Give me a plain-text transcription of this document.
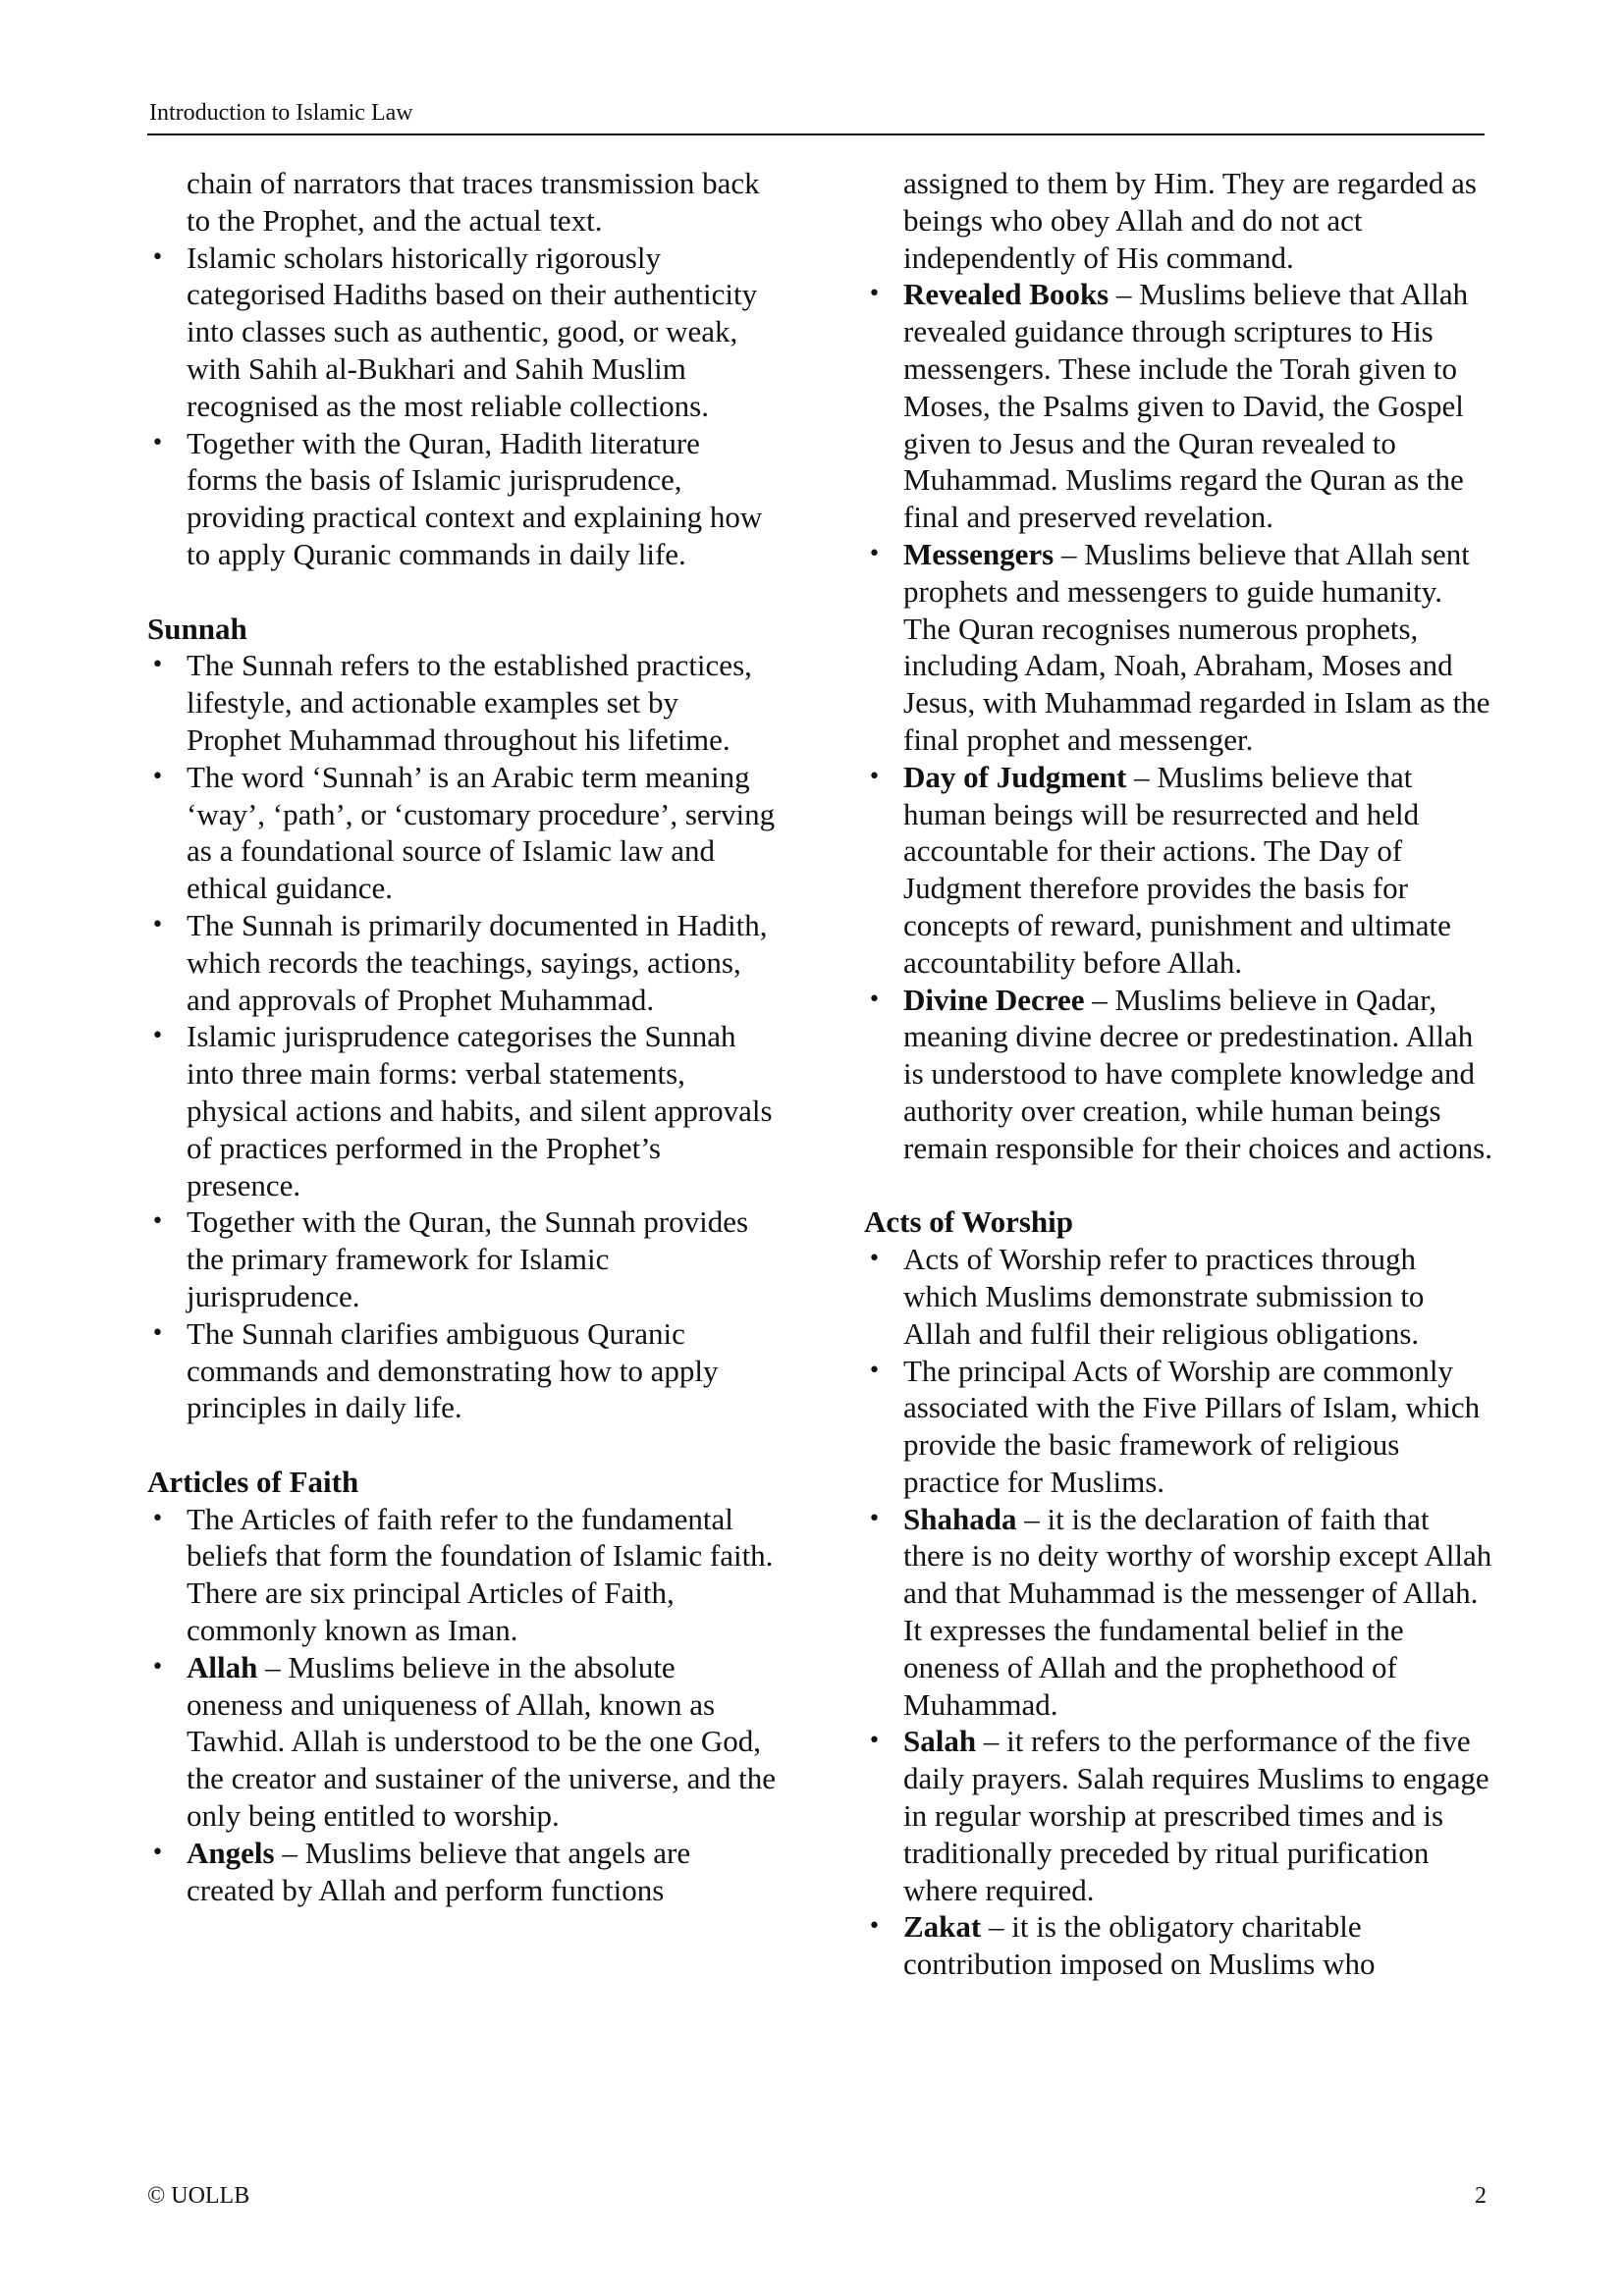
Introduction to Islamic Law

chain of narrators that traces transmission back to the Prophet, and the actual text.

• Islamic scholars historically rigorously categorised Hadiths based on their authenticity into classes such as authentic, good, or weak, with Sahih al-Bukhari and Sahih Muslim recognised as the most reliable collections.
• Together with the Quran, Hadith literature forms the basis of Islamic jurisprudence, providing practical context and explaining how to apply Quranic commands in daily life.

Sunnah

• The Sunnah refers to the established practices, lifestyle, and actionable examples set by Prophet Muhammad throughout his lifetime.
• The word ‘Sunnah’ is an Arabic term meaning ‘way’, ‘path’, or ‘customary procedure’, serving as a foundational source of Islamic law and ethical guidance.
• The Sunnah is primarily documented in Hadith, which records the teachings, sayings, actions, and approvals of Prophet Muhammad.
• Islamic jurisprudence categorises the Sunnah into three main forms: verbal statements, physical actions and habits, and silent approvals of practices performed in the Prophet’s presence.
• Together with the Quran, the Sunnah provides the primary framework for Islamic jurisprudence.
• The Sunnah clarifies ambiguous Quranic commands and demonstrating how to apply principles in daily life.

Articles of Faith

• The Articles of faith refer to the fundamental beliefs that form the foundation of Islamic faith. There are six principal Articles of Faith, commonly known as Iman.
• Allah – Muslims believe in the absolute oneness and uniqueness of Allah, known as Tawhid. Allah is understood to be the one God, the creator and sustainer of the universe, and the only being entitled to worship.
• Angels – Muslims believe that angels are created by Allah and perform functions

assigned to them by Him. They are regarded as beings who obey Allah and do not act independently of His command.

• Revealed Books – Muslims believe that Allah revealed guidance through scriptures to His messengers. These include the Torah given to Moses, the Psalms given to David, the Gospel given to Jesus and the Quran revealed to Muhammad. Muslims regard the Quran as the final and preserved revelation.
• Messengers – Muslims believe that Allah sent prophets and messengers to guide humanity. The Quran recognises numerous prophets, including Adam, Noah, Abraham, Moses and Jesus, with Muhammad regarded in Islam as the final prophet and messenger.
• Day of Judgment – Muslims believe that human beings will be resurrected and held accountable for their actions. The Day of Judgment therefore provides the basis for concepts of reward, punishment and ultimate accountability before Allah.
• Divine Decree – Muslims believe in Qadar, meaning divine decree or predestination. Allah is understood to have complete knowledge and authority over creation, while human beings remain responsible for their choices and actions.

Acts of Worship

• Acts of Worship refer to practices through which Muslims demonstrate submission to Allah and fulfil their religious obligations.
• The principal Acts of Worship are commonly associated with the Five Pillars of Islam, which provide the basic framework of religious practice for Muslims.
• Shahada – it is the declaration of faith that there is no deity worthy of worship except Allah and that Muhammad is the messenger of Allah. It expresses the fundamental belief in the oneness of Allah and the prophethood of Muhammad.
• Salah – it refers to the performance of the five daily prayers. Salah requires Muslims to engage in regular worship at prescribed times and is traditionally preceded by ritual purification where required.
• Zakat – it is the obligatory charitable contribution imposed on Muslims who
© UOLLB	2
